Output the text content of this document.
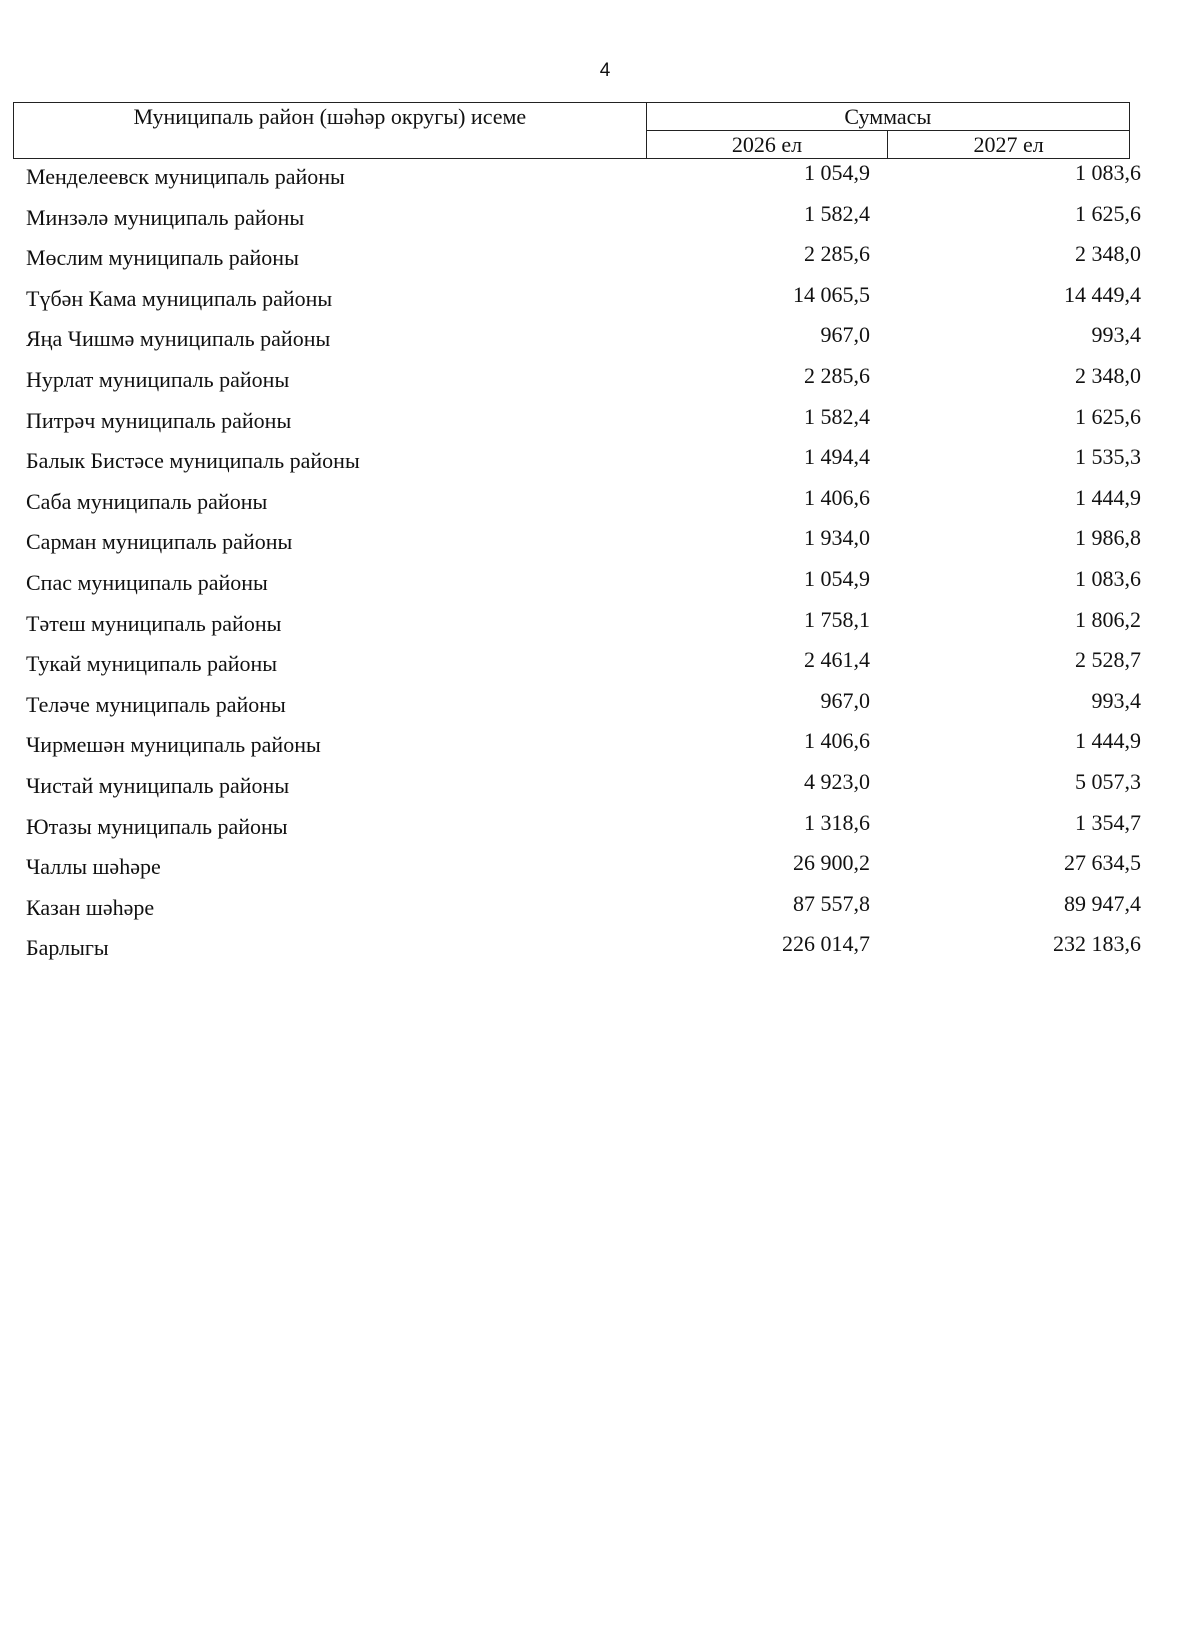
4
Муниципаль район (шәһәр округы) исеме	Суммасы	
	2026 ел	2027 ел
Менделеевск муниципаль районы	1 054,9	1 083,6
Минзәлә муниципаль районы	1 582,4	1 625,6
Мөслим муниципаль районы	2 285,6	2 348,0
Түбән Кама муниципаль районы	14 065,5	14 449,4
Яңа Чишмә муниципаль районы	967,0	993,4
Нурлат муниципаль районы	2 285,6	2 348,0
Питрәч муниципаль районы	1 582,4	1 625,6
Балык Бистәсе муниципаль районы	1 494,4	1 535,3
Саба муниципаль районы	1 406,6	1 444,9
Сарман муниципаль районы	1 934,0	1 986,8
Спас муниципаль районы	1 054,9	1 083,6
Тәтеш муниципаль районы	1 758,1	1 806,2
Тукай муниципаль районы	2 461,4	2 528,7
Теләче муниципаль районы	967,0	993,4
Чирмешән муниципаль районы	1 406,6	1 444,9
Чистай муниципаль районы	4 923,0	5 057,3
Ютазы муниципаль районы	1 318,6	1 354,7
Чаллы шәһәре	26 900,2	27 634,5
Казан шәһәре	87 557,8	89 947,4
Барлыгы	226 014,7	232 183,6
